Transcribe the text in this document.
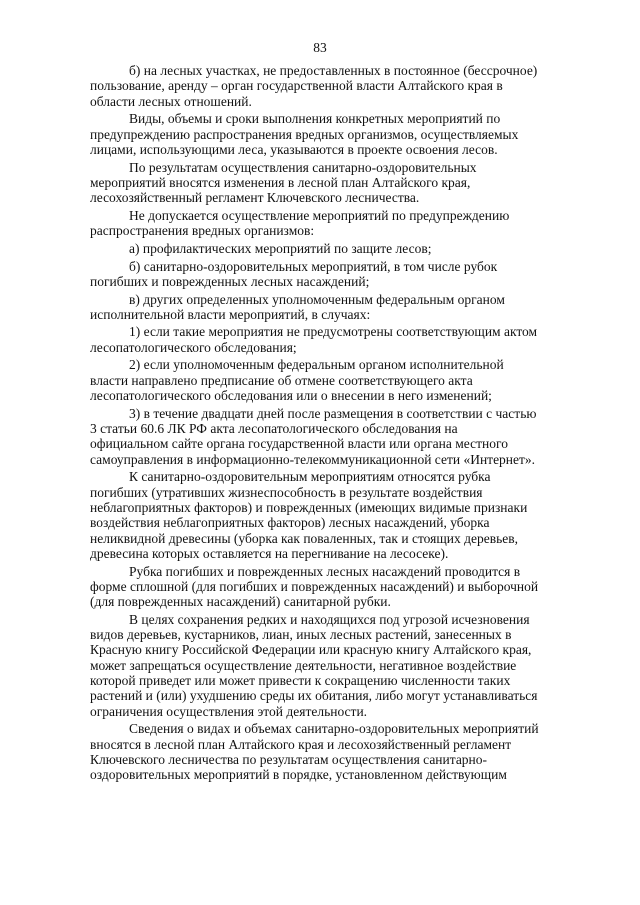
83

б) на лесных участках, не предоставленных в постоянное (бессрочное)
пользование, аренду – орган государственной власти Алтайского края в
области лесных отношений.

Виды, объемы и сроки выполнения конкретных мероприятий по
предупреждению распространения вредных организмов, осуществляемых
лицами, использующими леса, указываются в проекте освоения лесов.

По результатам осуществления санитарно-оздоровительных
мероприятий вносятся изменения в лесной план Алтайского края,
лесохозяйственный регламент Ключевского лесничества.

Не допускается осуществление мероприятий по предупреждению
распространения вредных организмов:

а) профилактических мероприятий по защите лесов;

б) санитарно-оздоровительных мероприятий, в том числе рубок
погибших и поврежденных лесных насаждений;

в) других определенных уполномоченным федеральным органом
исполнительной власти мероприятий, в случаях:

1) если такие мероприятия не предусмотрены соответствующим актом
лесопатологического обследования;

2) если уполномоченным федеральным органом исполнительной
власти направлено предписание об отмене соответствующего акта
лесопатологического обследования или о внесении в него изменений;

3) в течение двадцати дней после размещения в соответствии с частью
3 статьи 60.6 ЛК РФ акта лесопатологического обследования на
официальном сайте органа государственной власти или органа местного
самоуправления в информационно-телекоммуникационной сети «Интернет».

К санитарно-оздоровительным мероприятиям относятся рубка
погибших (утративших жизнеспособность в результате воздействия
неблагоприятных факторов) и поврежденных (имеющих видимые признаки
воздействия неблагоприятных факторов) лесных насаждений, уборка
неликвидной древесины (уборка как поваленных, так и стоящих деревьев,
древесина которых оставляется на перегнивание на лесосеке).

Рубка погибших и поврежденных лесных насаждений проводится в
форме сплошной (для погибших и поврежденных насаждений) и выборочной
(для поврежденных насаждений) санитарной рубки.

В целях сохранения редких и находящихся под угрозой исчезновения
видов деревьев, кустарников, лиан, иных лесных растений, занесенных в
Красную книгу Российской Федерации или красную книгу Алтайского края,
может запрещаться осуществление деятельности, негативное воздействие
которой приведет или может привести к сокращению численности таких
растений и (или) ухудшению среды их обитания, либо могут устанавливаться
ограничения осуществления этой деятельности.

Сведения о видах и объемах санитарно-оздоровительных мероприятий
вносятся в лесной план Алтайского края и лесохозяйственный регламент
Ключевского лесничества по результатам осуществления санитарно-
оздоровительных мероприятий в порядке, установленном действующим
